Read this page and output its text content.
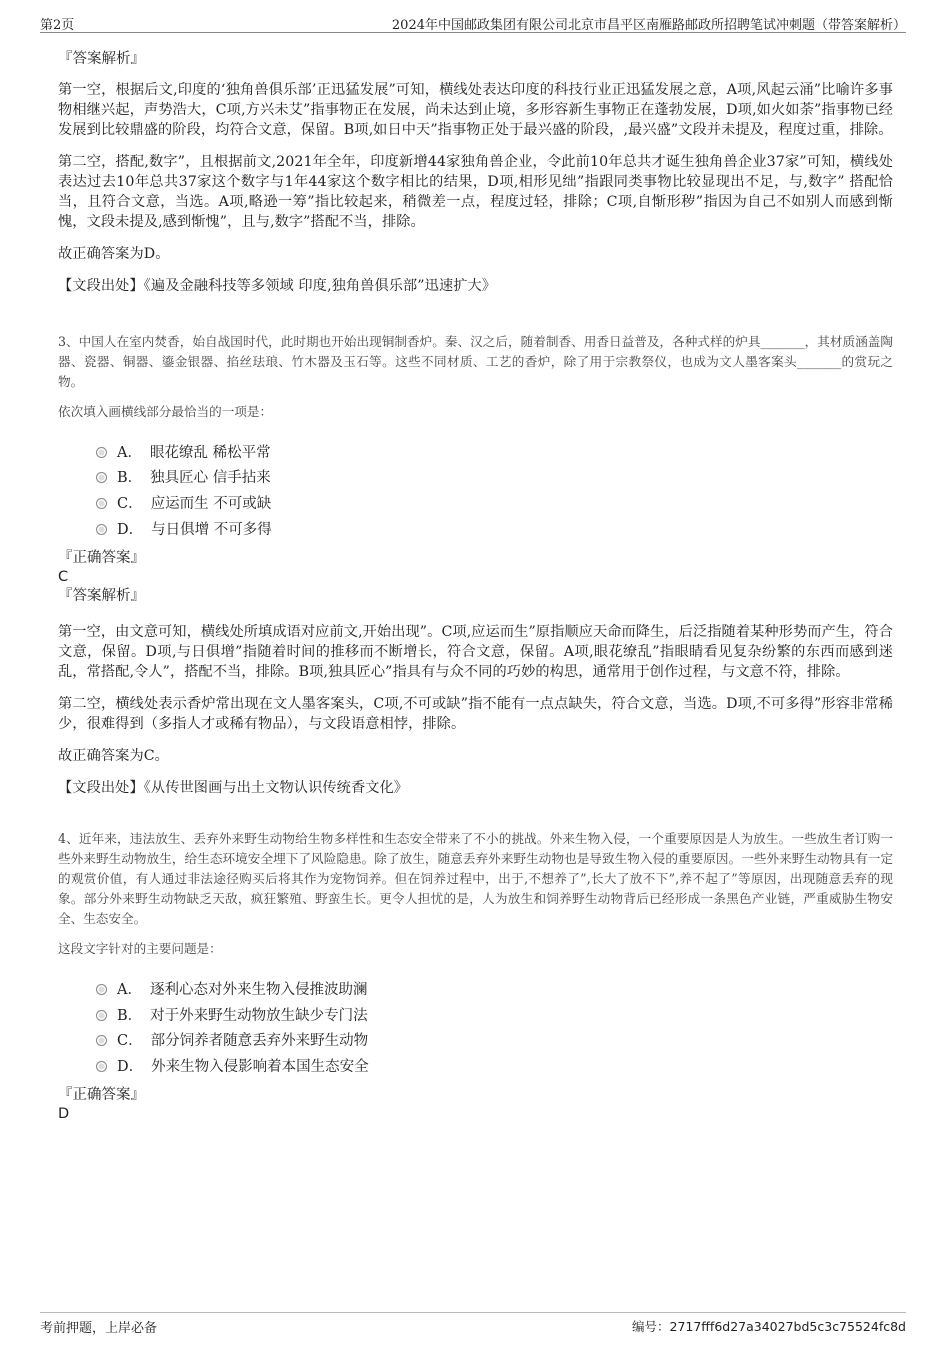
第2页	2024年中国邮政集团有限公司北京市昌平区南雁路邮政所招聘笔试冲刺题（带答案解析）

『答案解析』

第一空，根据后文‚印度的‘独角兽俱乐部’正迅猛发展”可知，横线处表达印度的科技行业正迅猛发展之意，A项‚风起云涌”比喻许多事物相继兴起，声势浩大，C项‚方兴未艾”指事物正在发展，尚未达到止境，多形容新生事物正在蓬勃发展，D项‚如火如荼”指事物已经发展到比较鼎盛的阶段，均符合文意，保留。B项‚如日中天”指事物正处于最兴盛的阶段，‚最兴盛”文段并未提及，程度过重，排除。

第二空，搭配‚数字”，且根据前文‚2021年全年，印度新增44家独角兽企业，令此前10年总共才诞生独角兽企业37家”可知，横线处表达过去10年总共37家这个数字与1年44家这个数字相比的结果，D项‚相形见绌”指跟同类事物比较显现出不足，与‚数字” 搭配恰当，且符合文意，当选。A项‚略逊一筹”指比较起来，稍微差一点，程度过轻，排除；C项‚自惭形秽”指因为自己不如别人而感到惭愧，文段未提及‚感到惭愧”，且与‚数字”搭配不当，排除。

故正确答案为D。

【文段出处】《遍及金融科技等多领域 印度‚独角兽俱乐部”迅速扩大》

3、中国人在室内焚香，始自战国时代，此时期也开始出现铜制香炉。秦、汉之后，随着制香、用香日益普及，各种式样的炉具_______，其材质涵盖陶器、瓷器、铜器、鎏金银器、掐丝珐琅、竹木器及玉石等。这些不同材质、工艺的香炉，除了用于宗教祭仪，也成为文人墨客案头_______的赏玩之物。

依次填入画横线部分最恰当的一项是：

A． 眼花缭乱 稀松平常
B． 独具匠心 信手拈来
C． 应运而生 不可或缺
D． 与日俱增 不可多得

『正确答案』

C

『答案解析』

第一空，由文意可知，横线处所填成语对应前文‚开始出现”。C项‚应运而生”原指顺应天命而降生，后泛指随着某种形势而产生，符合文意，保留。D项‚与日俱增”指随着时间的推移而不断增长，符合文意，保留。A项‚眼花缭乱”指眼睛看见复杂纷繁的东西而感到迷乱，常搭配‚令人”，搭配不当，排除。B项‚独具匠心”指具有与众不同的巧妙的构思，通常用于创作过程，与文意不符，排除。

第二空，横线处表示香炉常出现在文人墨客案头，C项‚不可或缺”指不能有一点点缺失，符合文意，当选。D项‚不可多得”形容非常稀少，很难得到（多指人才或稀有物品），与文段语意相悖，排除。

故正确答案为C。

【文段出处】《从传世图画与出土文物认识传统香文化》

4、近年来，违法放生、丢弃外来野生动物给生物多样性和生态安全带来了不小的挑战。外来生物入侵，一个重要原因是人为放生。一些放生者订购一些外来野生动物放生，给生态环境安全埋下了风险隐患。除了放生，随意丢弃外来野生动物也是导致生物入侵的重要原因。一些外来野生动物具有一定的观赏价值，有人通过非法途径购买后将其作为宠物饲养。但在饲养过程中，出于‚不想养了”‚长大了放不下”‚养不起了”等原因，出现随意丢弃的现象。部分外来野生动物缺乏天敌，疯狂繁殖、野蛮生长。更令人担忧的是，人为放生和饲养野生动物背后已经形成一条黑色产业链，严重威胁生物安全、生态安全。

这段文字针对的主要问题是：

A． 逐利心态对外来生物入侵推波助澜
B． 对于外来野生动物放生缺少专门法
C． 部分饲养者随意丢弃外来野生动物
D． 外来生物入侵影响着本国生态安全

『正确答案』

D

考前押题，上岸必备	编号：2717fff6d27a34027bd5c3c75524fc8d
